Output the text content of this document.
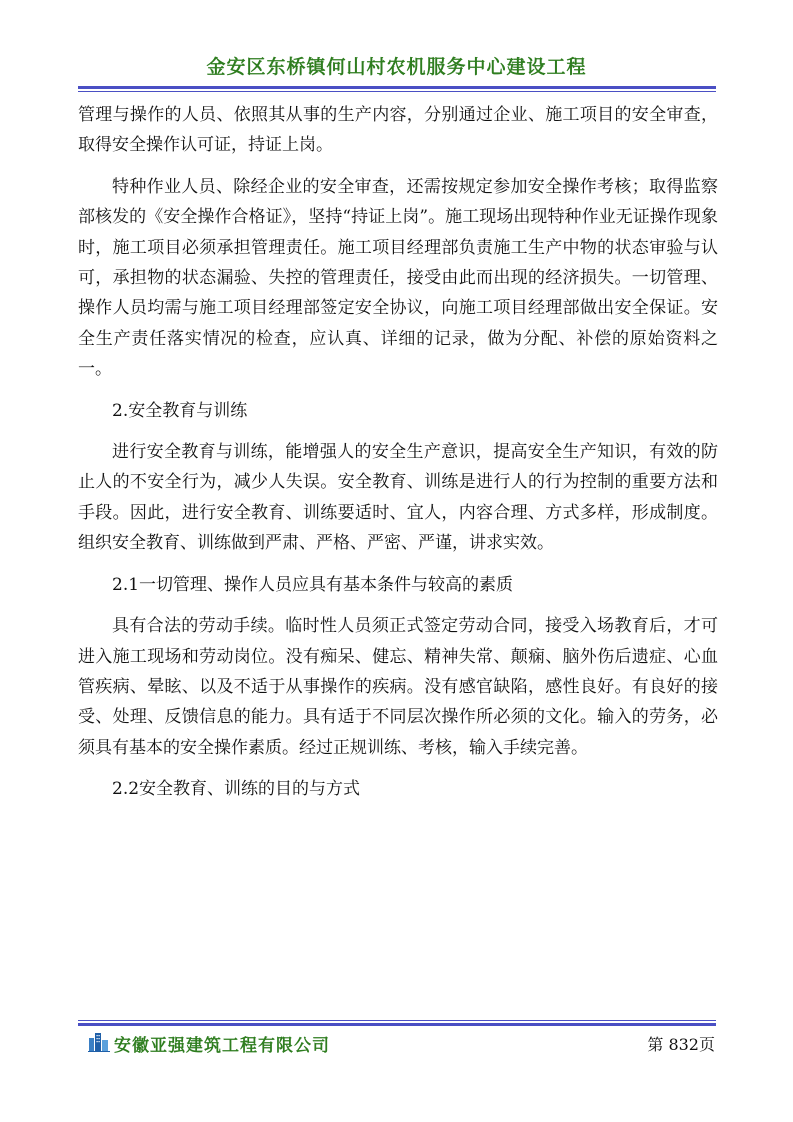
金安区东桥镇何山村农机服务中心建设工程

管理与操作的人员、依照其从事的生产内容，分别通过企业、施工项目的安全审查，取得安全操作认可证，持证上岗。

特种作业人员、除经企业的安全审查，还需按规定参加安全操作考核；取得监察部核发的《安全操作合格证》，坚持“持证上岗”。施工现场出现特种作业无证操作现象时，施工项目必须承担管理责任。施工项目经理部负责施工生产中物的状态审验与认可，承担物的状态漏验、失控的管理责任，接受由此而出现的经济损失。一切管理、操作人员均需与施工项目经理部签定安全协议，向施工项目经理部做出安全保证。安全生产责任落实情况的检查，应认真、详细的记录，做为分配、补偿的原始资料之一。

2.安全教育与训练

进行安全教育与训练，能增强人的安全生产意识，提高安全生产知识，有效的防止人的不安全行为，减少人失误。安全教育、训练是进行人的行为控制的重要方法和手段。因此，进行安全教育、训练要适时、宜人，内容合理、方式多样，形成制度。组织安全教育、训练做到严肃、严格、严密、严谨，讲求实效。

2.1一切管理、操作人员应具有基本条件与较高的素质

具有合法的劳动手续。临时性人员须正式签定劳动合同，接受入场教育后，才可进入施工现场和劳动岗位。没有痴呆、健忘、精神失常、颠痫、脑外伤后遗症、心血管疾病、晕眩、以及不适于从事操作的疾病。没有感官缺陷，感性良好。有良好的接受、处理、反馈信息的能力。具有适于不同层次操作所必须的文化。输入的劳务，必须具有基本的安全操作素质。经过正规训练、考核，输入手续完善。

2.2安全教育、训练的目的与方式

安徽亚强建筑工程有限公司	第 832页
